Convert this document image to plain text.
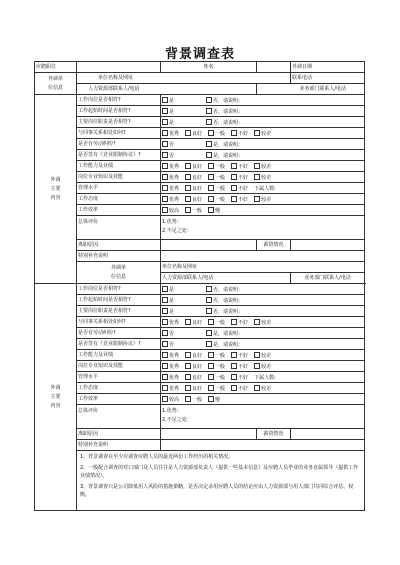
背景调查表
应聘职位		姓名		外调日期	
外调单
位信息	单位名称及网址			联系电话	
	人力资源部联系人/电话		业务部门联系人/电话		
外调
主要
内容	工作岗位是否相符?	是 否，请说明：			
	工作起始时间是否相符?	是 否，请说明：			
	主要岗位职责是否相符?	是 否，请说明：			
	与同事关系相处如何?	优秀 良好 一般 不好 较差			
	是否有劳动纠纷?	否 是，请说明：			
	是否签有《竞业限制协议》?	否 是，请说明：			
	工作能力及业绩	优秀 良好 一般 不好 较差			
	岗位专业知识及技能	优秀 良好 一般 不好 较差			
	管理水平	优秀 良好 一般 不好 下属人数:			
	工作态度	优秀 良好 一般 不好 较差			
	工作效率	较高 一般 慢			
	总体评价	1.优势：
2.不足之处：			
	离职原因		薪资情况		
	特别补充说明				
	外调单
位信息	单位名称及网址	
		人力资源部联系人/电话		业务部门联系人/电话	
外调
主要
内容	工作岗位是否相符?	是 否，请说明：			
	工作起始时间是否相符?	是 否，请说明：			
	主要岗位职责是否相符?	是 否，请说明：			
	与同事关系相处如何?	优秀 良好 一般 不好 较差			
	是否有劳动纠纷?	否 是，请说明：			
	是否签有《竞业限制协议》?	否 是，请说明：			
	工作能力及业绩	优秀 良好 一般 不好 较差			
	岗位专业知识及技能	优秀 良好 一般 不好 较差			
	管理水平	优秀 良好 一般 不好 下属人数:			
	工作态度	优秀 良好 一般 不好 较差			
	工作效率	较高 一般 慢			
	总体评价	1.优势：
2.不足之处：			
	离职原因		薪资情况		
	特别补充说明				

	1、背景调查在至少应调查应聘人员的最近两份工作经历的相关情况。

2、一般配合调查的对口部门及人员往往是人力资源部负责人（提供一些基本信息）及应聘人员毕业的业务直属领导（提供工作业绩情况）。

3、背景调查只是公司降低用人风险的措施策略，是否决定录用应聘人员的结论应由人力资源部与用人部门共同综合评估、权衡。
